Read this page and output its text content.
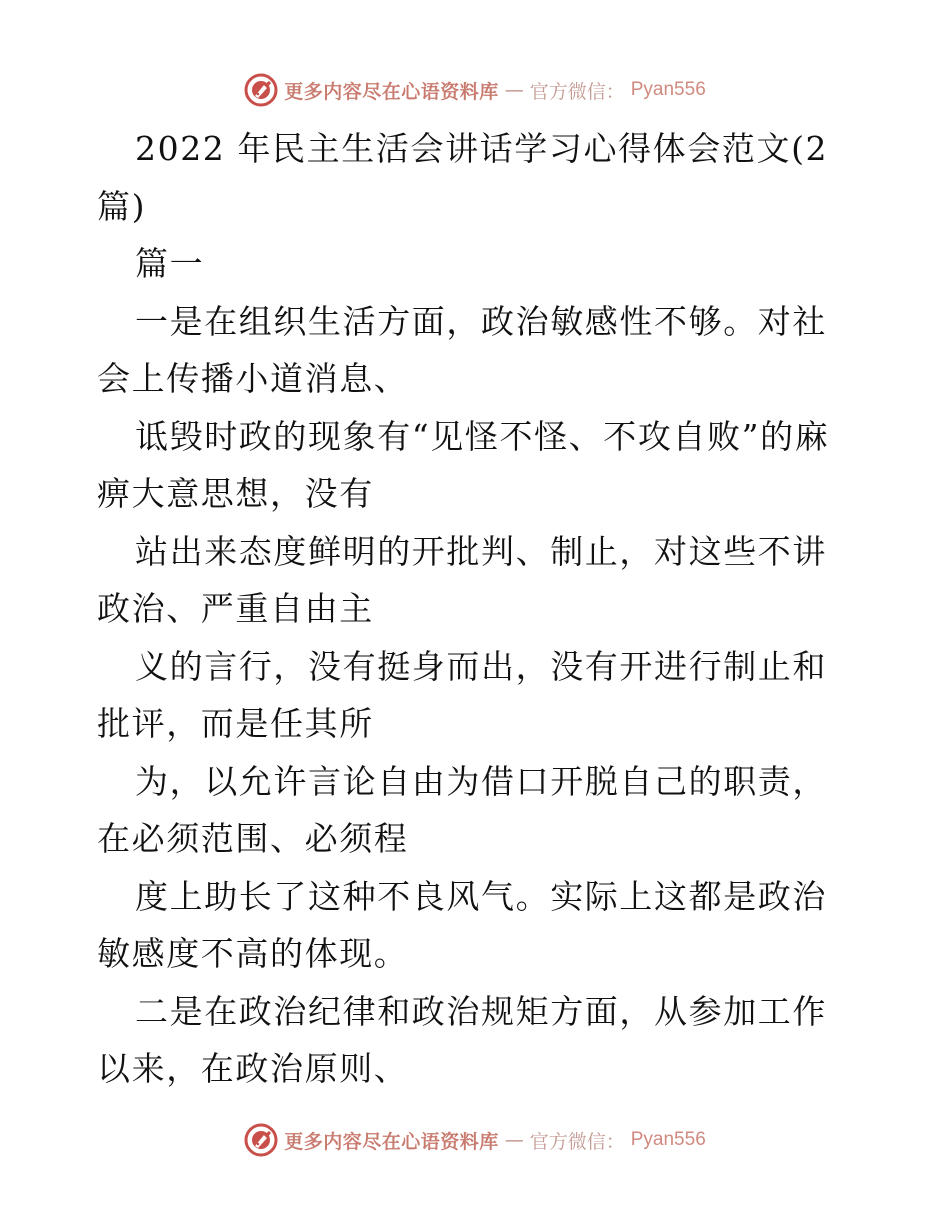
更多内容尽在心语资料库 — 官方微信： Pyan556

2022 年民主生活会讲话学习心得体会范文(2篇)

篇一

一是在组织生活方面，政治敏感性不够。对社会上传播小道消息、

诋毁时政的现象有“见怪不怪、不攻自败”的麻痹大意思想，没有

站出来态度鲜明的开批判、制止，对这些不讲政治、严重自由主

义的言行，没有挺身而出，没有开进行制止和批评，而是任其所

为，以允许言论自由为借口开脱自己的职责，在必须范围、必须程

度上助长了这种不良风气。实际上这都是政治敏感度不高的体现。

二是在政治纪律和政治规矩方面，从参加工作以来，在政治原则、

更多内容尽在心语资料库 — 官方微信： Pyan556
